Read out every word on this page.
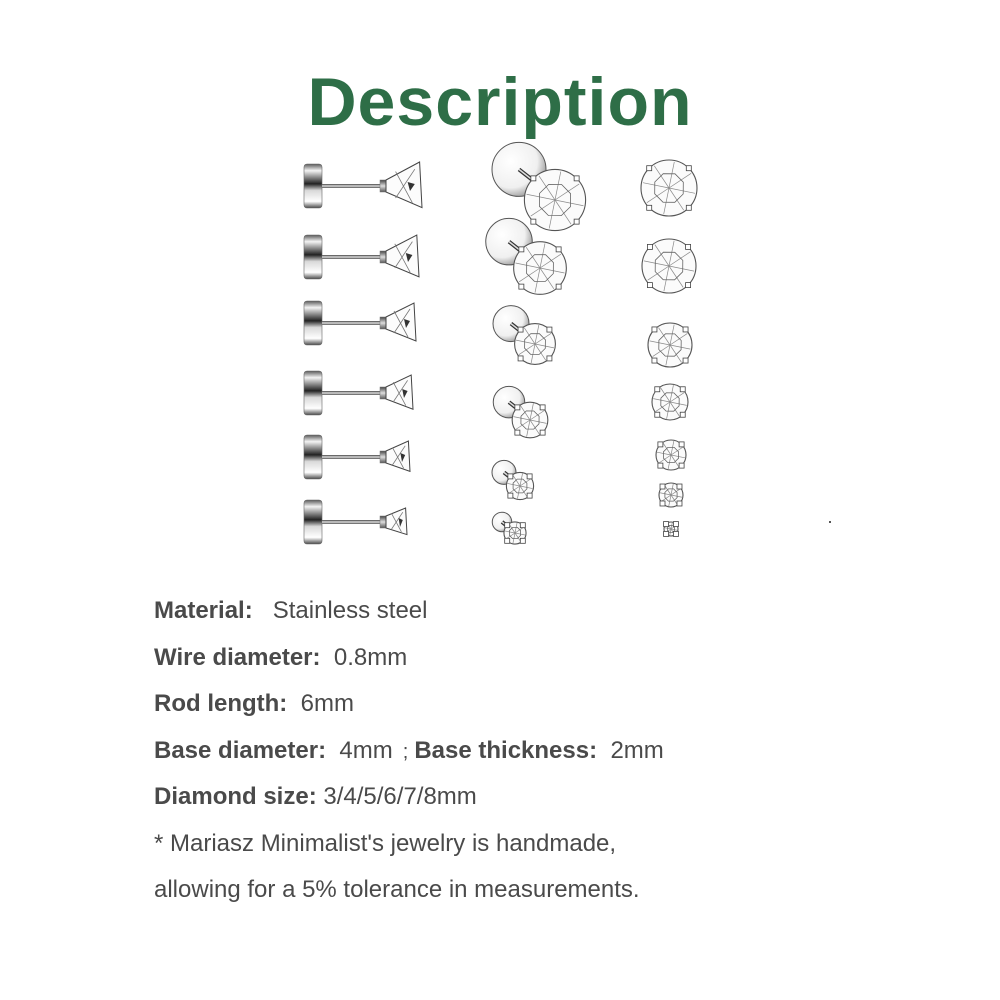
Description
Material: Stainless steel
Wire diameter: 0.8mm
Rod length: 6mm
Base diameter: 4mm ; Base thickness: 2mm
Diamond size: 3/4/5/6/7/8mm
* Mariasz Minimalist's jewelry is handmade,
allowing for a 5% tolerance in measurements.
